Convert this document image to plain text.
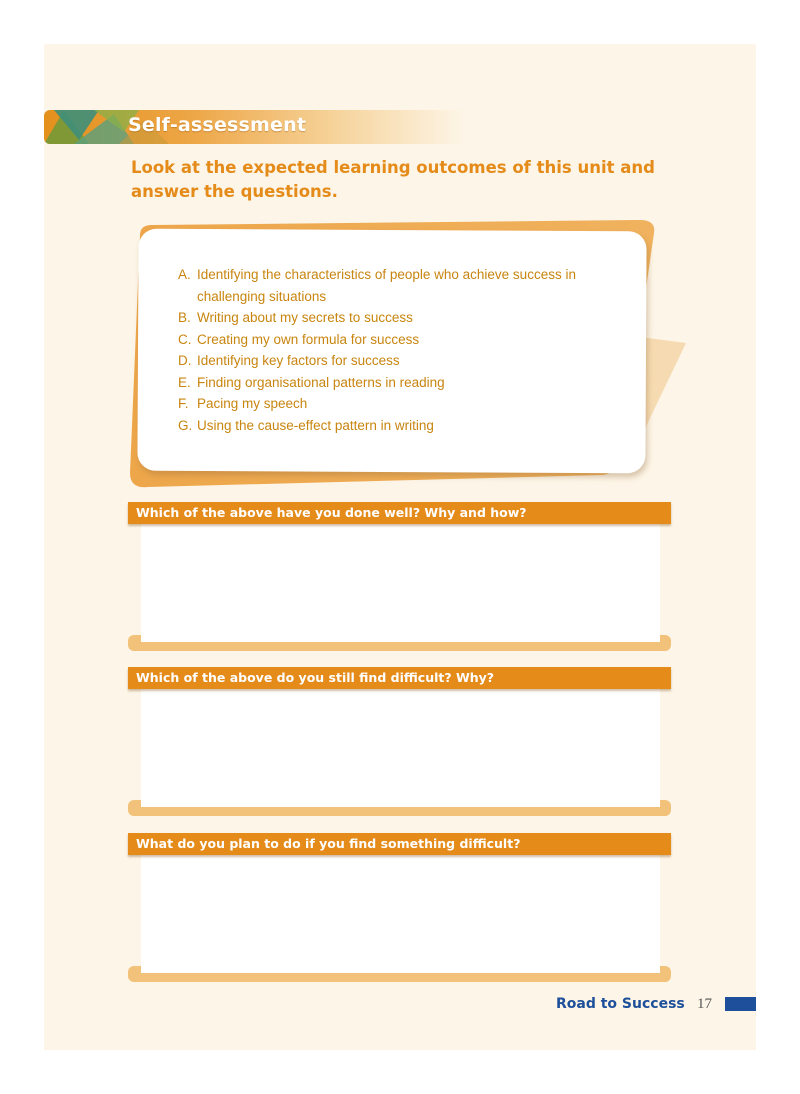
Self-assessment
Look at the expected learning outcomes of this unit and answer the questions.
A. Identifying the characteristics of people who achieve success in challenging situations
B. Writing about my secrets to success
C. Creating my own formula for success
D. Identifying key factors for success
E. Finding organisational patterns in reading
F. Pacing my speech
G. Using the cause-effect pattern in writing
Which of the above have you done well? Why and how?
Which of the above do you still find difficult? Why?
What do you plan to do if you find something difficult?
Road to Success 17
